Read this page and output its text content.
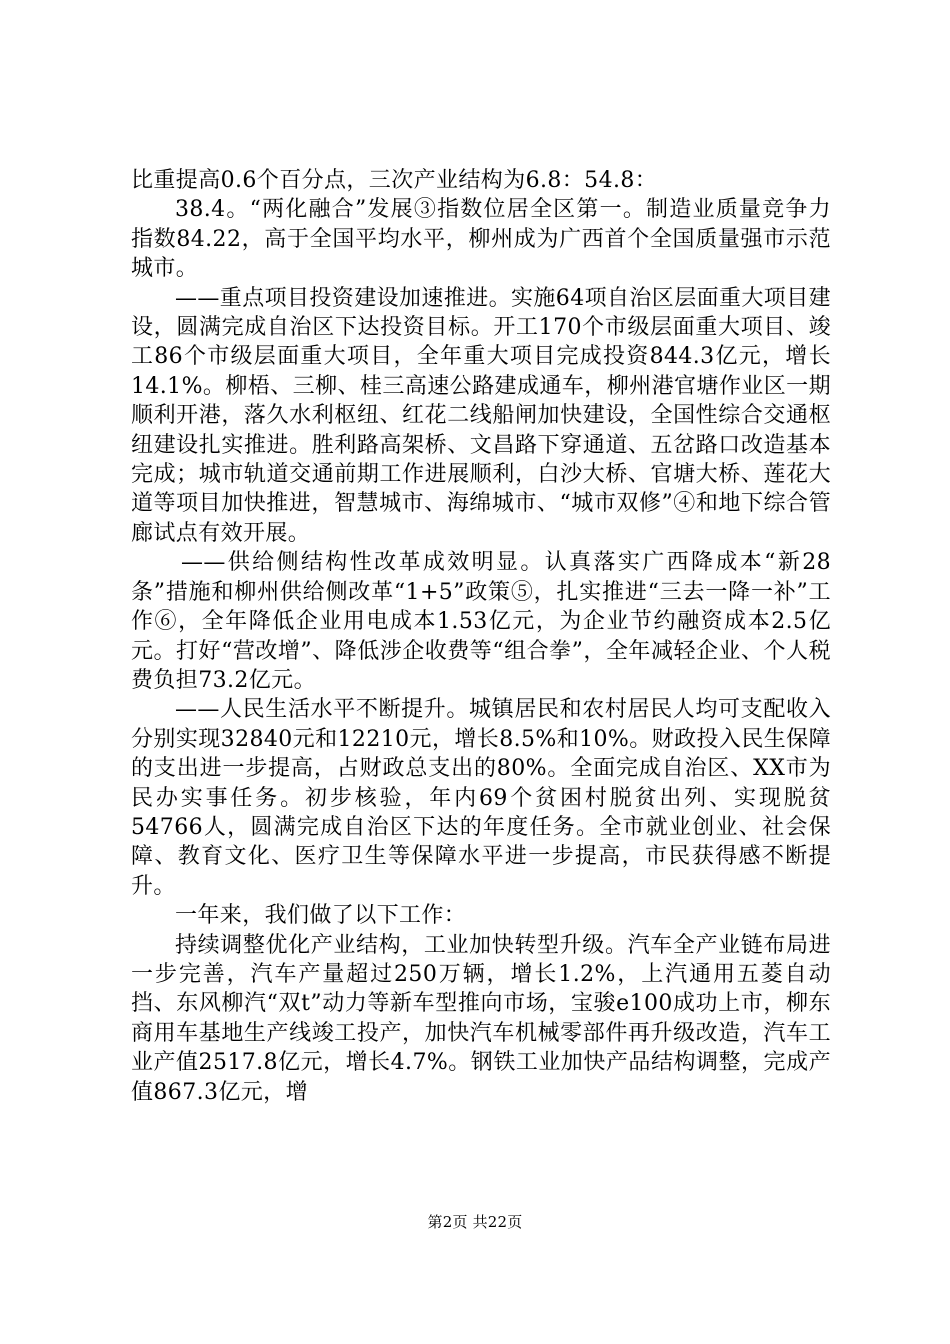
比重提高0.6个百分点，三次产业结构为6.8：54.8：

38.4。“两化融合”发展③指数位居全区第一。制造业质量竞争力指数84.22，高于全国平均水平，柳州成为广西首个全国质量强市示范城市。

——重点项目投资建设加速推进。实施64项自治区层面重大项目建设，圆满完成自治区下达投资目标。开工170个市级层面重大项目、竣工86个市级层面重大项目，全年重大项目完成投资844.3亿元，增长14.1%。柳梧、三柳、桂三高速公路建成通车，柳州港官塘作业区一期顺利开港，落久水利枢纽、红花二线船闸加快建设，全国性综合交通枢纽建设扎实推进。胜利路高架桥、文昌路下穿通道、五岔路口改造基本完成；城市轨道交通前期工作进展顺利，白沙大桥、官塘大桥、莲花大道等项目加快推进，智慧城市、海绵城市、“城市双修”④和地下综合管廊试点有效开展。

——供给侧结构性改革成效明显。认真落实广西降成本“新28条”措施和柳州供给侧改革“1+5”政策⑤，扎实推进“三去一降一补”工作⑥，全年降低企业用电成本1.53亿元，为企业节约融资成本2.5亿元。打好“营改增”、降低涉企收费等“组合拳”，全年减轻企业、个人税费负担73.2亿元。

——人民生活水平不断提升。城镇居民和农村居民人均可支配收入分别实现32840元和12210元，增长8.5%和10%。财政投入民生保障的支出进一步提高，占财政总支出的80%。全面完成自治区、XX市为民办实事任务。初步核验，年内69个贫困村脱贫出列、实现脱贫54766人，圆满完成自治区下达的年度任务。全市就业创业、社会保障、教育文化、医疗卫生等保障水平进一步提高，市民获得感不断提升。

一年来，我们做了以下工作：

持续调整优化产业结构，工业加快转型升级。汽车全产业链布局进一步完善，汽车产量超过250万辆，增长1.2%，上汽通用五菱自动挡、东风柳汽“双t”动力等新车型推向市场，宝骏e100成功上市，柳东商用车基地生产线竣工投产，加快汽车机械零部件再升级改造，汽车工业产值2517.8亿元，增长4.7%。钢铁工业加快产品结构调整，完成产值867.3亿元，增

第2页 共22页
